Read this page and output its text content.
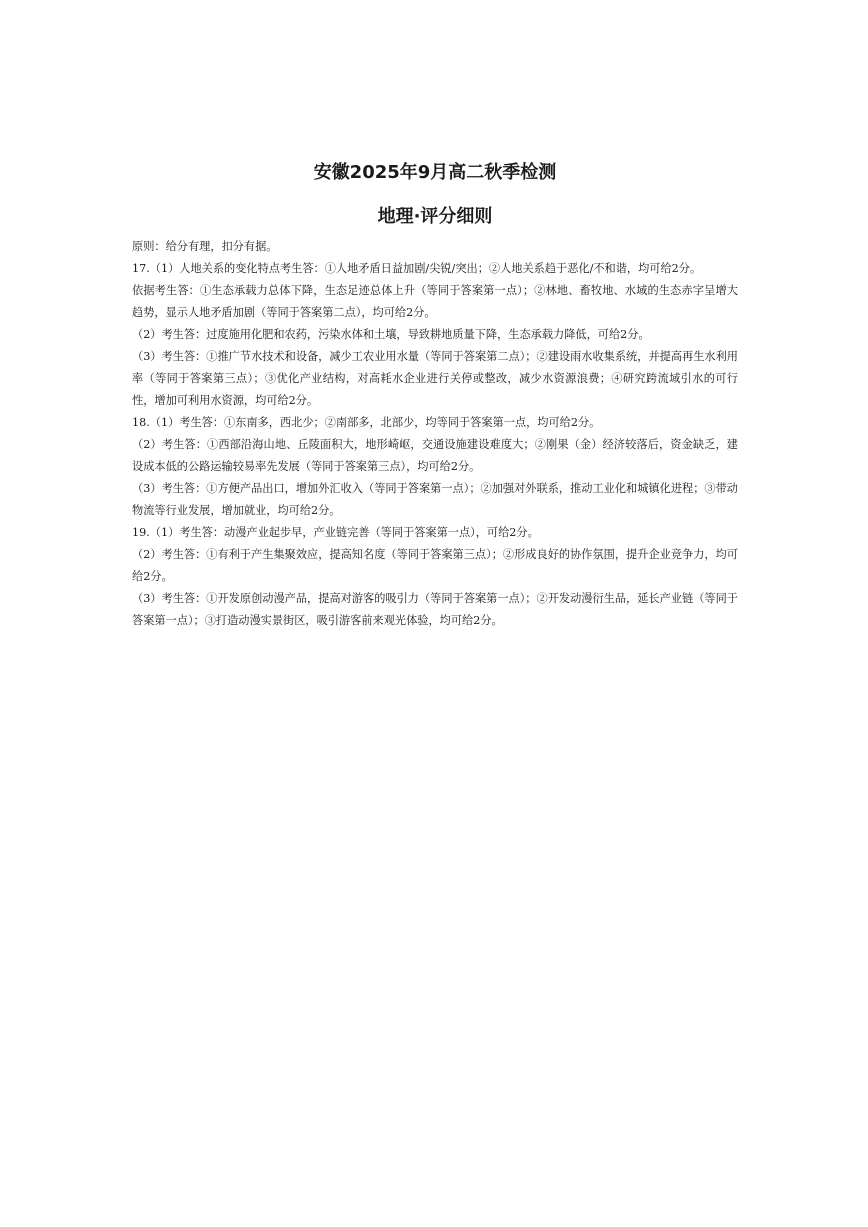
安徽2025年9月高二秋季检测
地理·评分细则

原则：给分有理，扣分有据。

17.（1）人地关系的变化特点考生答：①人地矛盾日益加剧/尖锐/突出；②人地关系趋于恶化/不和谐，均可给2分。

依据考生答：①生态承载力总体下降，生态足迹总体上升（等同于答案第一点）；②林地、畜牧地、水域的生态赤字呈增大趋势，显示人地矛盾加剧（等同于答案第二点），均可给2分。

（2）考生答：过度施用化肥和农药，污染水体和土壤，导致耕地质量下降，生态承载力降低，可给2分。

（3）考生答：①推广节水技术和设备，减少工农业用水量（等同于答案第二点）；②建设雨水收集系统，并提高再生水利用率（等同于答案第三点）；③优化产业结构，对高耗水企业进行关停或整改，减少水资源浪费；④研究跨流域引水的可行性，增加可利用水资源，均可给2分。

18.（1）考生答：①东南多，西北少；②南部多，北部少，均等同于答案第一点，均可给2分。

（2）考生答：①西部沿海山地、丘陵面积大，地形崎岖，交通设施建设难度大；②刚果（金）经济较落后，资金缺乏，建设成本低的公路运输较易率先发展（等同于答案第三点），均可给2分。

（3）考生答：①方便产品出口，增加外汇收入（等同于答案第一点）；②加强对外联系，推动工业化和城镇化进程；③带动物流等行业发展，增加就业，均可给2分。

19.（1）考生答：动漫产业起步早，产业链完善（等同于答案第一点），可给2分。

（2）考生答：①有利于产生集聚效应，提高知名度（等同于答案第三点）；②形成良好的协作氛围，提升企业竞争力，均可给2分。

（3）考生答：①开发原创动漫产品，提高对游客的吸引力（等同于答案第一点）；②开发动漫衍生品，延长产业链（等同于答案第一点）；③打造动漫实景街区，吸引游客前来观光体验，均可给2分。
